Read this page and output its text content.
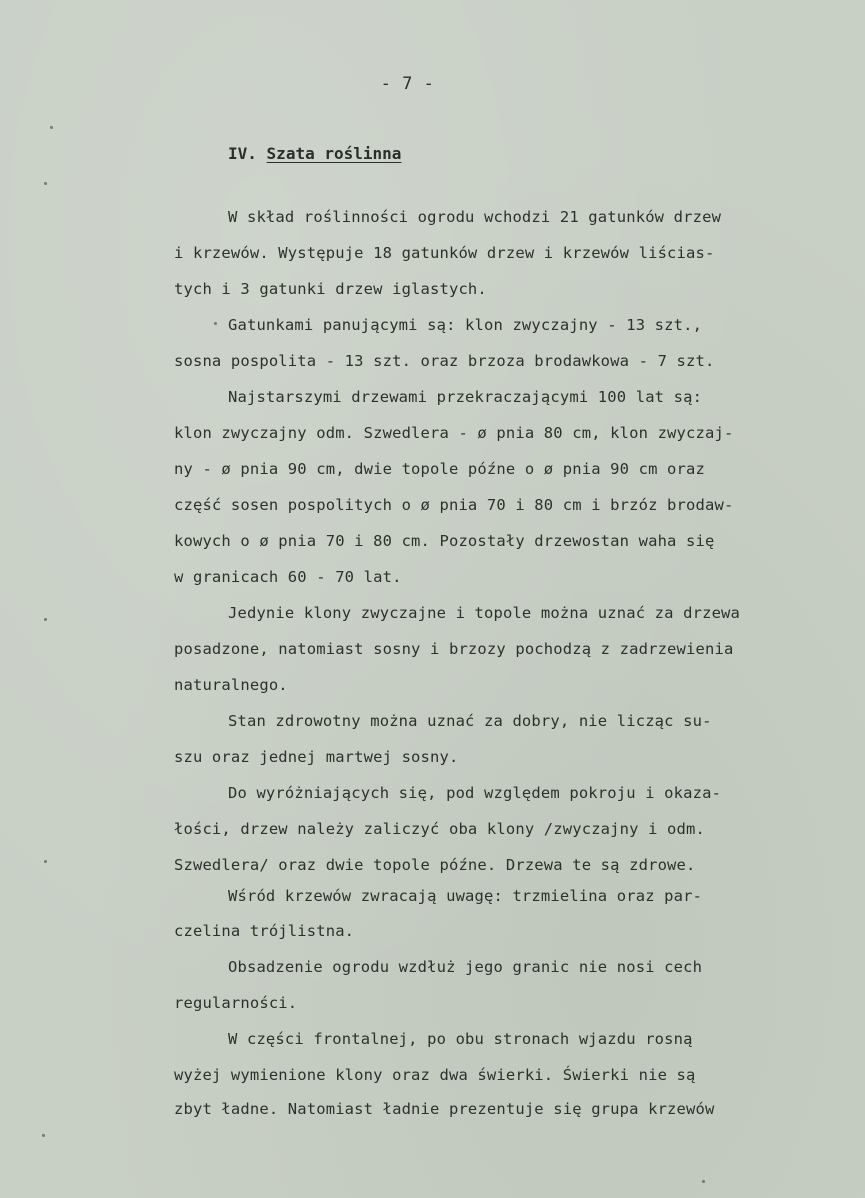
- 7 -
IV. Szata roślinna
W skład roślinności ogrodu wchodzi 21 gatunków drzew
i krzewów. Występuje 18 gatunków drzew i krzewów liścias-
tych i 3 gatunki drzew iglastych.
Gatunkami panującymi są: klon zwyczajny - 13 szt.,
sosna pospolita - 13 szt. oraz brzoza brodawkowa - 7 szt.
Najstarszymi drzewami przekraczającymi 100 lat są:
klon zwyczajny odm. Szwedlera - ø pnia 80 cm, klon zwyczaj-
ny - ø pnia 90 cm, dwie topole późne o ø pnia 90 cm oraz
część sosen pospolitych o ø pnia 70 i 80 cm i brzóz brodaw-
kowych o ø pnia 70 i 80 cm. Pozostały drzewostan waha się
w granicach 60 - 70 lat.
Jedynie klony zwyczajne i topole można uznać za drzewa
posadzone, natomiast sosny i brzozy pochodzą z zadrzewienia
naturalnego.
Stan zdrowotny można uznać za dobry, nie licząc su-
szu oraz jednej martwej sosny.
Do wyróżniających się, pod względem pokroju i okaza-
łości, drzew należy zaliczyć oba klony /zwyczajny i odm.
Szwedlera/ oraz dwie topole późne. Drzewa te są zdrowe.
Wśród krzewów zwracają uwagę: trzmielina oraz par-
czelina trójlistna.
Obsadzenie ogrodu wzdłuż jego granic nie nosi cech
regularności.
W części frontalnej, po obu stronach wjazdu rosną
wyżej wymienione klony oraz dwa świerki. Świerki nie są
zbyt ładne. Natomiast ładnie prezentuje się grupa krzewów
